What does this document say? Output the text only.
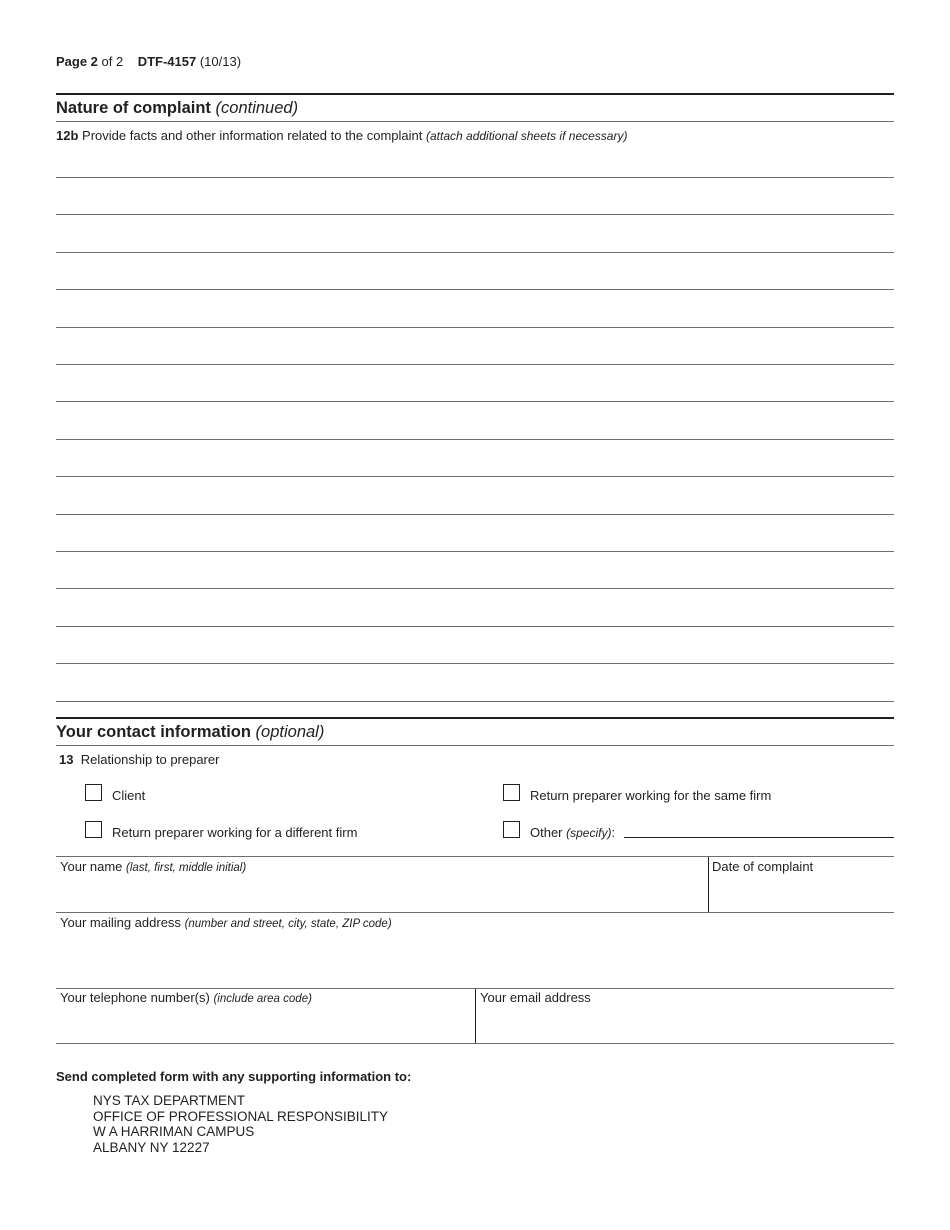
Page 2 of 2 DTF-4157 (10/13)
Nature of complaint (continued)
12b Provide facts and other information related to the complaint (attach additional sheets if necessary)
Your contact information (optional)
13 Relationship to preparer
Client	Return preparer working for the same firm
Return preparer working for a different firm	Other (specify):
Your name (last, first, middle initial)	Date of complaint
Your mailing address (number and street, city, state, ZIP code)
Your telephone number(s) (include area code)	Your email address
Send completed form with any supporting information to:
NYS TAX DEPARTMENT
OFFICE OF PROFESSIONAL RESPONSIBILITY
W A HARRIMAN CAMPUS
ALBANY NY 12227
